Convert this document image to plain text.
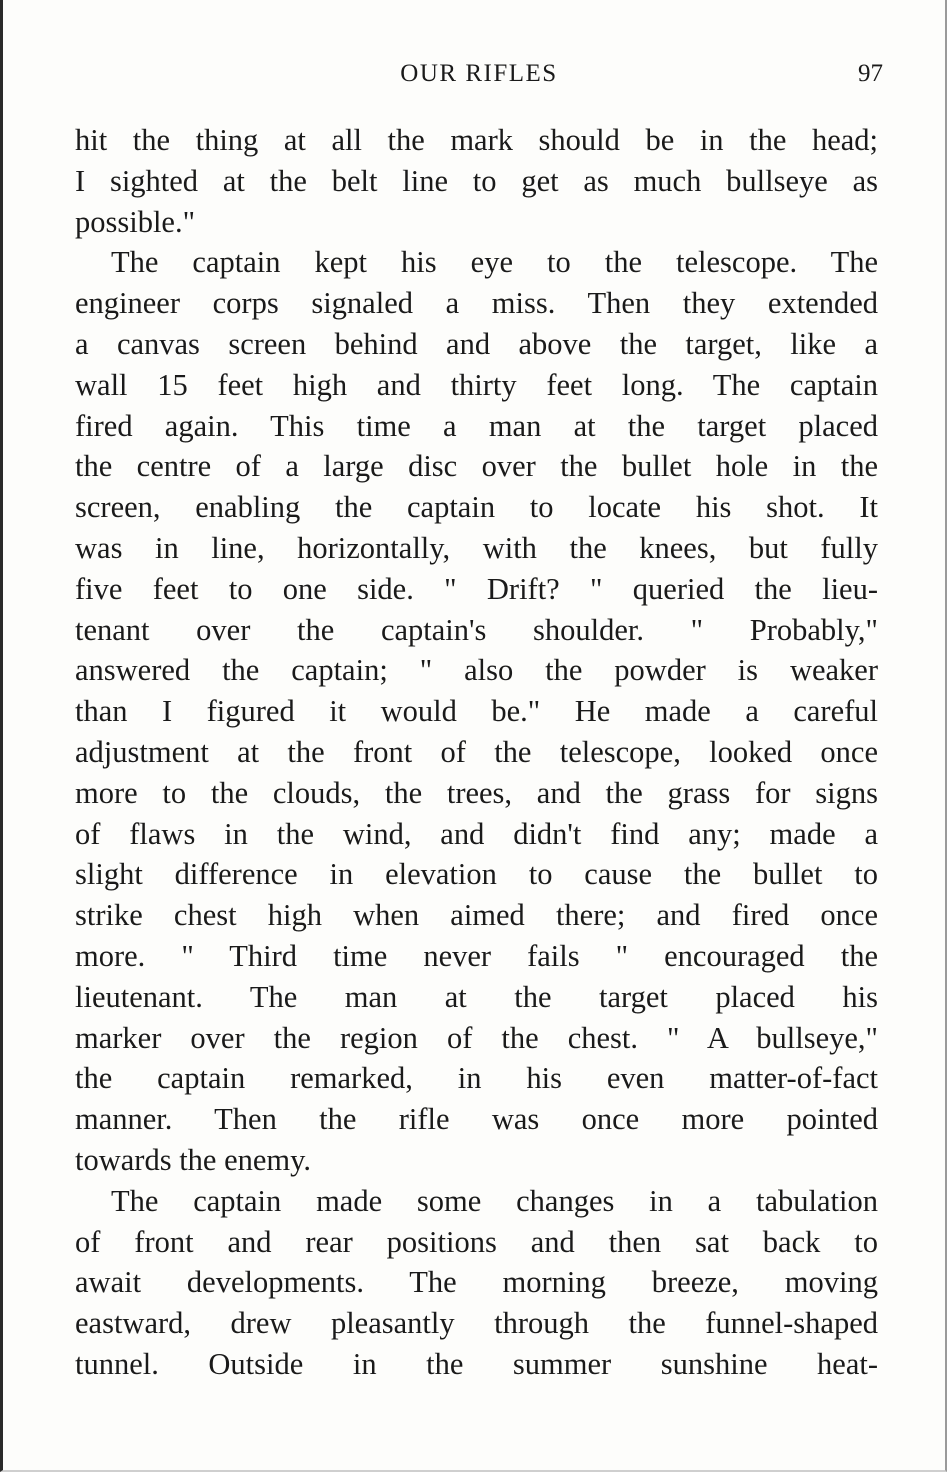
OUR RIFLES	97
hit the thing at all the mark should be in the head;
I sighted at the belt line to get as much bullseye as
possible."
The captain kept his eye to the telescope. The
engineer corps signaled a miss. Then they extended
a canvas screen behind and above the target, like a
wall 15 feet high and thirty feet long. The captain
fired again. This time a man at the target placed
the centre of a large disc over the bullet hole in the
screen, enabling the captain to locate his shot. It
was in line, horizontally, with the knees, but fully
five feet to one side. " Drift? " queried the lieu-
tenant over the captain's shoulder. " Probably,"
answered the captain; " also the powder is weaker
than I figured it would be." He made a careful
adjustment at the front of the telescope, looked once
more to the clouds, the trees, and the grass for signs
of flaws in the wind, and didn't find any; made a
slight difference in elevation to cause the bullet to
strike chest high when aimed there; and fired once
more. " Third time never fails " encouraged the
lieutenant. The man at the target placed his
marker over the region of the chest. " A bullseye,"
the captain remarked, in his even matter-of-fact
manner. Then the rifle was once more pointed
towards the enemy.
The captain made some changes in a tabulation
of front and rear positions and then sat back to
await developments. The morning breeze, moving
eastward, drew pleasantly through the funnel-shaped
tunnel. Outside in the summer sunshine heat-
